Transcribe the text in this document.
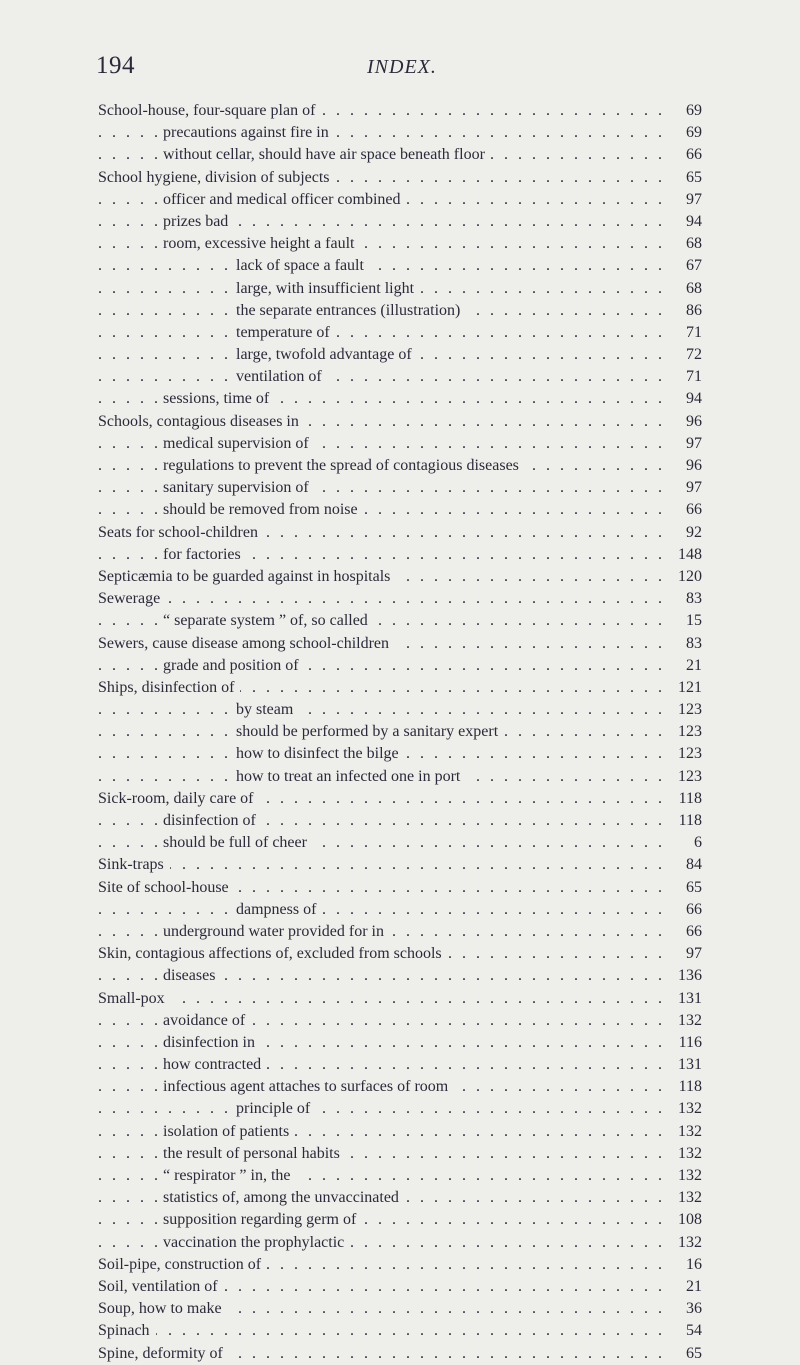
194	INDEX.
. . .
School-house, four-square plan of	69
. . .
precautions against fire in	69
. . .
without cellar, should have air space beneath floor	66
. . .
School hygiene, division of subjects	65
. . .
officer and medical officer combined	97
. . .
prizes bad	94
. . .
room, excessive height a fault	68
. . .
lack of space a fault	67
. . .
large, with insufficient light	68
. . .
the separate entrances (illustration)	86
. . .
temperature of	71
. . .
large, twofold advantage of	72
. . .
ventilation of	71
. . .
sessions, time of	94
. . .
Schools, contagious diseases in	96
. . .
medical supervision of	97
. . .
regulations to prevent the spread of contagious diseases	96
. . .
sanitary supervision of	97
. . .
should be removed from noise	66
. . .
Seats for school-children	92
. . .
for factories	148
. . .
Septicæmia to be guarded against in hospitals	120
. . .
Sewerage	83
. . .
“ separate system ” of, so called	15
. . .
Sewers, cause disease among school-children	83
. . .
grade and position of	21
. . .
Ships, disinfection of	121
. . .
by steam	123
. . .
should be performed by a sanitary expert	123
. . .
how to disinfect the bilge	123
. . .
how to treat an infected one in port	123
. . .
Sick-room, daily care of	118
. . .
disinfection of	118
. . .
should be full of cheer	6
. . .
Sink-traps	84
. . .
Site of school-house	65
. . .
dampness of	66
. . .
underground water provided for in	66
. . .
Skin, contagious affections of, excluded from schools	97
. . .
diseases	136
. . .
Small-pox	131
. . .
avoidance of	132
. . .
disinfection in	116
. . .
how contracted	131
. . .
infectious agent attaches to surfaces of room	118
. . .
principle of	132
. . .
isolation of patients	132
. . .
the result of personal habits	132
. . .
“ respirator ” in, the	132
. . .
statistics of, among the unvaccinated	132
. . .
supposition regarding germ of	108
. . .
vaccination the prophylactic	132
. . .
Soil-pipe, construction of	16
. . .
Soil, ventilation of	21
. . .
Soup, how to make	36
. . .
Spinach	54
. . .
Spine, deformity of	65
